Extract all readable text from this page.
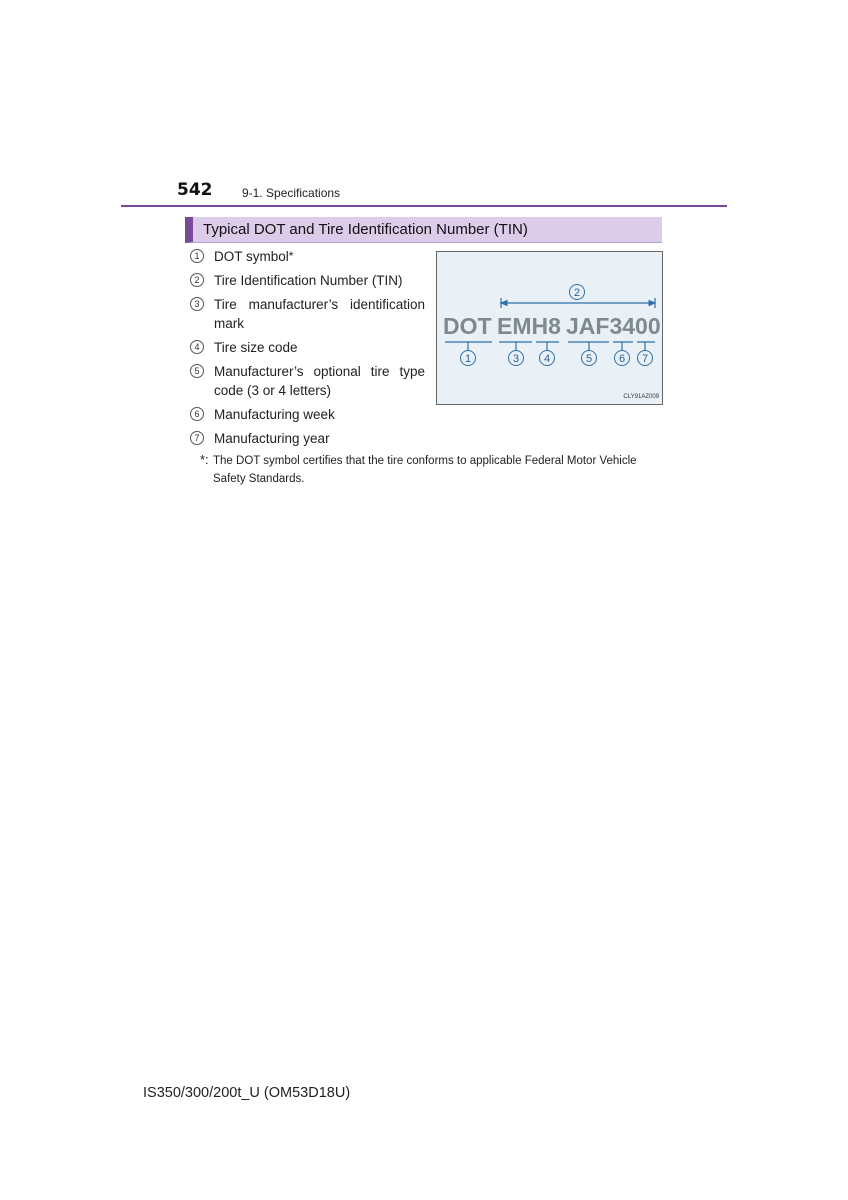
542 9-1. Specifications
Typical DOT and Tire Identification Number (TIN)
1	DOT symbol*
2	Tire Identification Number (TIN)
3	Tire manufacturer’s identification mark
4	Tire size code
5	Manufacturer’s optional tire type code (3 or 4 letters)
6	Manufacturing week
7	Manufacturing year
*: The DOT symbol certifies that the tire conforms to applicable Federal Motor Vehicle Safety Standards.
2
DOT EMH8 JAF3400
1	3 4	5 6 7
CLY91AZ009
IS350/300/200t_U (OM53D18U)
